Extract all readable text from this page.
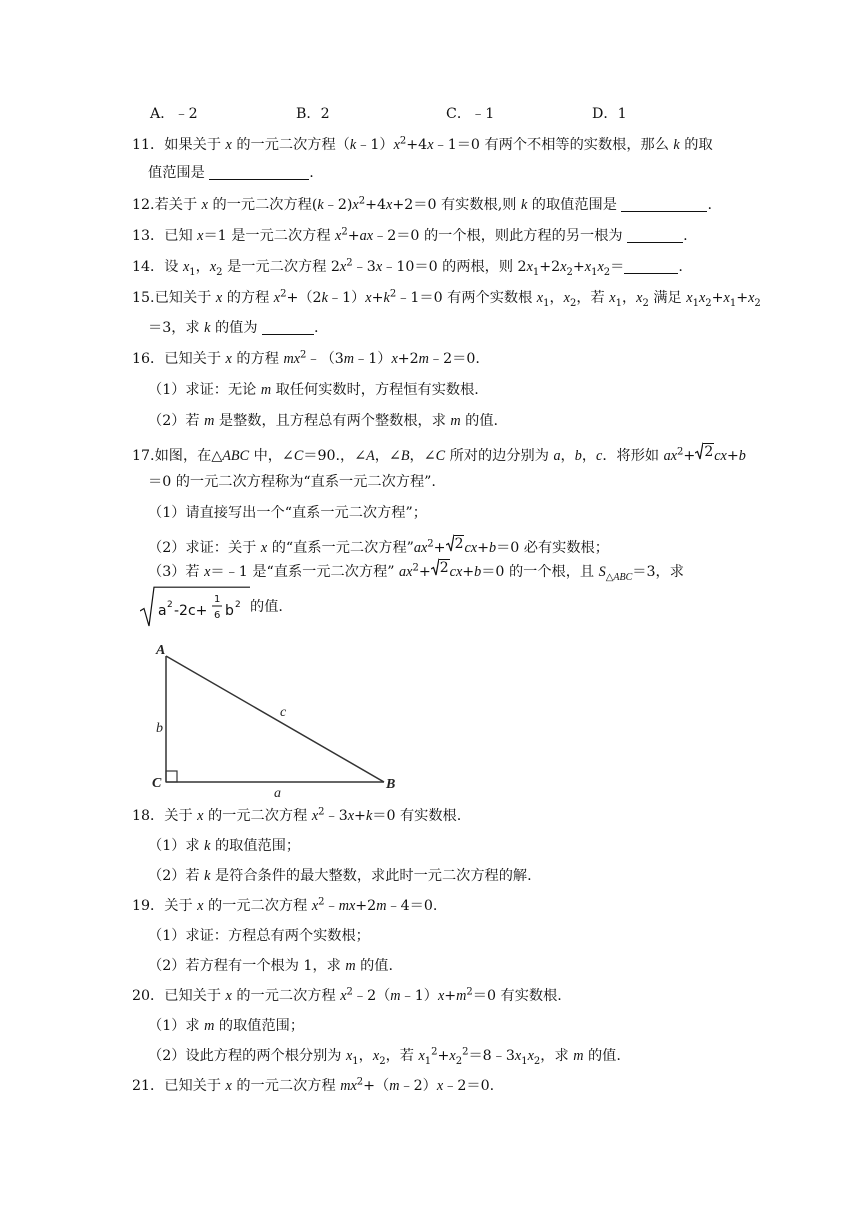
A．﹣2	B．2	C．﹣1	D．1
11．如果关于 x 的一元二次方程$(k﹣1)x^2+4x﹣1=0$ 有两个不相等的实数根，那么 k 的取
值范围是	.
12.若关于 x 的一元二次方程$(k﹣2)x^2+4x+2=0$ 有实数根,则 k 的取值范围是	.
13．已知 x＝1 是一元二次方程 $x^2+ax﹣2=0$ 的一个根，则此方程的另一根为	.
14．设 $x_1$，$x_2$ 是一元二次方程 $2x^2﹣3x﹣10=0$ 的两根，则 $2x_1+2x_2+x_1x_2=$	.
15.已知关于 x 的方程 $x^2+(2k﹣1)x+k^2﹣1=0$ 有两个实数根 $x_1$，$x_2$，若 $x_1$，$x_2$ 满足 $x_1x_2+x_1+x_2$
＝3，求 k 的值为	.
16．已知关于 x 的方程 $mx^2﹣(3m﹣1)x+2m﹣2=0$.
（1）求证：无论 m 取任何实数时，方程恒有实数根.
（2）若 m 是整数，且方程总有两个整数根，求 m 的值.
17.如图，在△ABC 中，∠C＝90.，∠A，∠B，∠C 所对的边分别为 a，b，c．将形如 $ax^2+ 2$ cx+b
＝0 的一元二次方程称为“直系一元二次方程”.
（1）请直接写出一个“直系一元二次方程”；
（2）求证：关于 x 的“直系一元二次方程$”ax^2+ 2$ cx+b＝0 必有实数根；
（3）若 x＝﹣1 是“直系一元二次方程” $ax^2+ 2$ cx+b＝0 的一个根，且 $S_{\triangle ABC}=3$，求
a 2 -2c+
1
6 b 2 的值.
A
C	B
b
a
c
18．关于 x 的一元二次方程 $x^2﹣3x+k=0$ 有实数根.
（1）求 k 的取值范围；
（2）若 k 是符合条件的最大整数，求此时一元二次方程的解.
19．关于 x 的一元二次方程 $x^2﹣mx+2m﹣4=0$.
（1）求证：方程总有两个实数根；
（2）若方程有一个根为 1，求 m 的值.
20．已知关于 x 的一元二次方程 $x^2﹣2(m﹣1)x+m^2=0$ 有实数根.
（1）求 m 的取值范围；
（2）设此方程的两个根分别为 $x_1$，$x_2$，若 $x_1^2+x_2^2=8﹣3x_1x_2$，求 m 的值.
21．已知关于 x 的一元二次方程 $mx^2+(m﹣2)x﹣2=0$.
